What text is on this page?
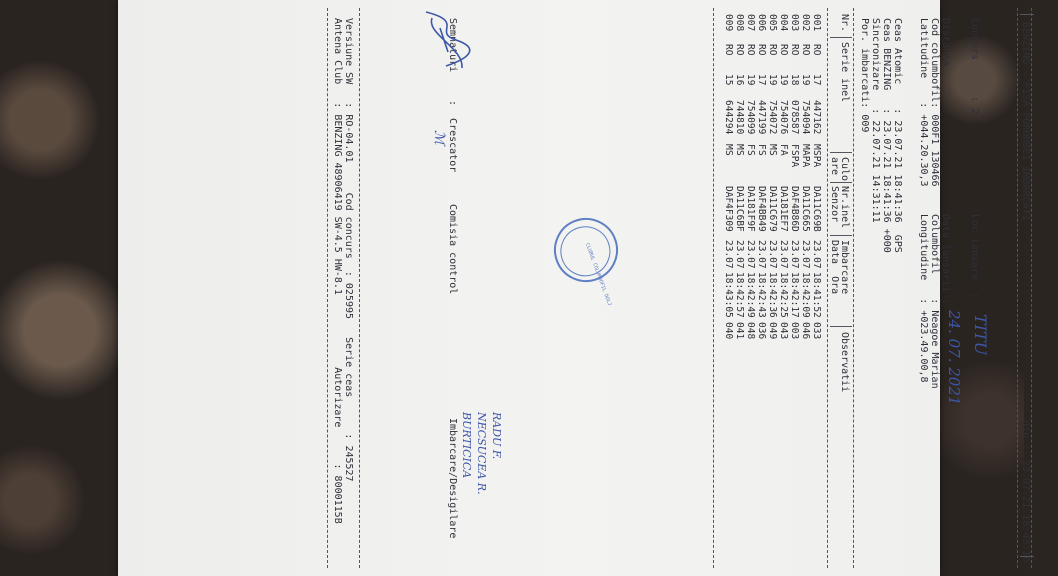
BENZING - FISA PORUMBEI IMBARCATI

din :

23.07.21 18:43:16

Concurs      : 2

Loc lansare  :

TITU

Distanta       :

Data lansarii :

24. 07. 2021

Cod columbofil: 000F1 130466

Columbofil    : Neagoe Marian

Latitudine    : +044.20.30,3

Longitudine   : +023.49.00,8

Ceas Atomic    : 23.07.21 18:41:36  GPS

Ceas BENZING   : 23.07.21 18:41:36 +000

Sincronizare   : 22.07.21 14:31:11

Por. imbarcati: 009

Nr.

Serie inel

Culo

are

Nr.inel

Senzor

Imbarcare

Data  Ora

Observatii

001
RO
17
447162
M
SPA
DA11C69B
23.07
18:41:52
033
002
RO
19
754094
M
APA
DA11C665
23.07
18:42:09
046
003
RO
18
078587
F
SPA
DAF4B86D
23.07
18:42:17
003
004
RO
19
754076
F
A
DA181EF7
23.07
18:42:25
043
005
RO
19
754072
M
S
DA11C679
23.07
18:42:36
049
006
RO
17
447199
F
S
DAF4BB49
23.07
18:42:43
036
007
RO
19
754099
F
S
DA181F9F
23.07
18:42:49
048
008
RO
16
744810
M
S
DA11C6BF
23.07
18:42:57
041
009
RO
15
644294
M
S
DAF4F309
23.07
18:43:05
040

CLUBUL COLUMBOFIL DOLJ

Semnaturi

:  Crescator

Comisia control

Imbarcare/Desigilare

ℳ

RADU F.

NECSUCEA R.

BURTICICA

Versiune SW   : RO-04.01     Cod concurs  : 025995   Serie ceas      : 245527

Antena Club   : BENZING 48906419 SW-4.5 HW-8.1            Autorizare      : 8000115B
